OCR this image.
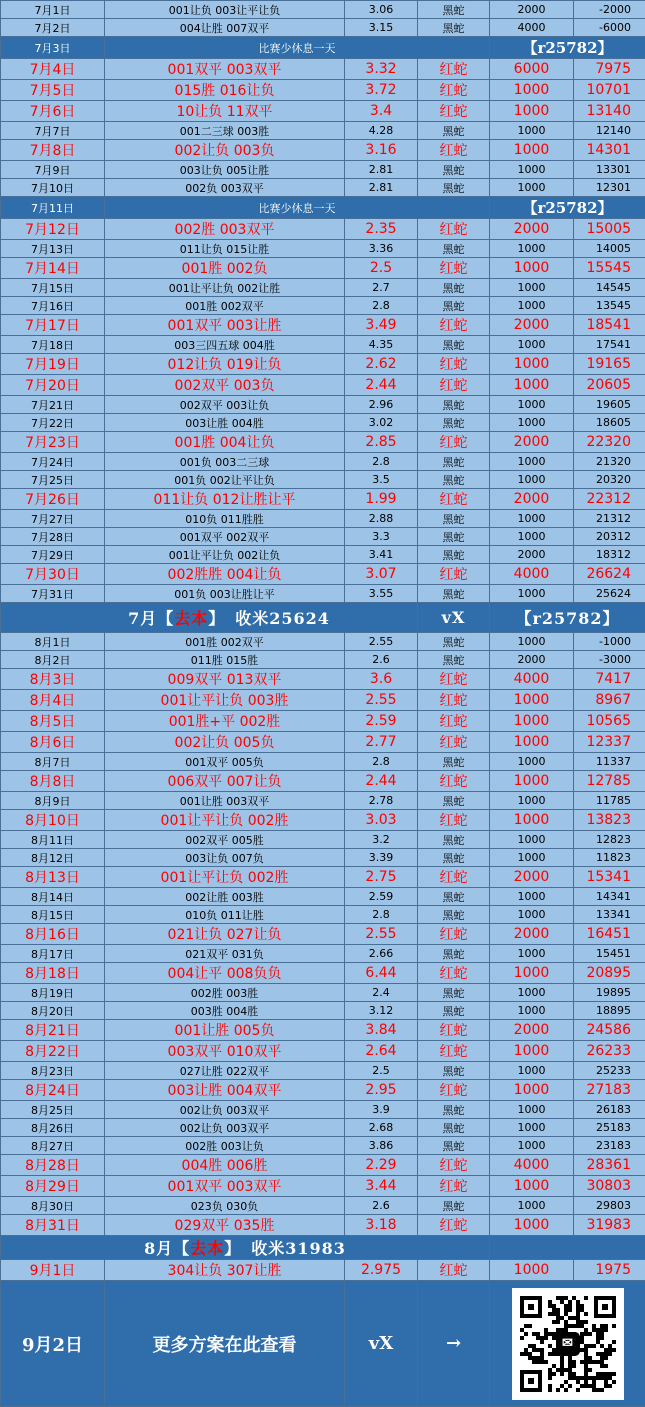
7月1日	001让负 003让平让负	3.06	黑蛇	2000	-2000
7月2日	004让胜 007双平	3.15	黑蛇	4000	-6000
7月3日	比赛少休息一天			【r25782】	
7月4日	001双平 003双平	3.32	红蛇	6000	7975
7月5日	015胜 016让负	3.72	红蛇	1000	10701
7月6日	10让负 11双平	3.4	红蛇	1000	13140
7月7日	001二三球 003胜	4.28	黑蛇	1000	12140
7月8日	002让负 003负	3.16	红蛇	1000	14301
7月9日	003让负 005让胜	2.81	黑蛇	1000	13301
7月10日	002负 003双平	2.81	黑蛇	1000	12301
7月11日	比赛少休息一天			【r25782】	
7月12日	002胜 003双平	2.35	红蛇	2000	15005
7月13日	011让负 015让胜	3.36	黑蛇	1000	14005
7月14日	001胜 002负	2.5	红蛇	1000	15545
7月15日	001让平让负 002让胜	2.7	黑蛇	1000	14545
7月16日	001胜 002双平	2.8	黑蛇	1000	13545
7月17日	001双平 003让胜	3.49	红蛇	2000	18541
7月18日	003三四五球 004胜	4.35	黑蛇	1000	17541
7月19日	012让负 019让负	2.62	红蛇	1000	19165
7月20日	002双平 003负	2.44	红蛇	1000	20605
7月21日	002双平 003让负	2.96	黑蛇	1000	19605
7月22日	003让胜 004胜	3.02	黑蛇	1000	18605
7月23日	001胜 004让负	2.85	红蛇	2000	22320
7月24日	001负 003二三球	2.8	黑蛇	1000	21320
7月25日	001负 002让平让负	3.5	黑蛇	1000	20320
7月26日	011让负 012让胜让平	1.99	红蛇	2000	22312
7月27日	010负 011胜胜	2.88	黑蛇	1000	21312
7月28日	001双平 002双平	3.3	黑蛇	1000	20312
7月29日	001让平让负 002让负	3.41	黑蛇	2000	18312
7月30日	002胜胜 004让负	3.07	红蛇	4000	26624
7月31日	001负 003让胜让平	3.55	黑蛇	1000	25624
7月【去本】 收米25624			vX	【r25782】	
8月1日	001胜 002双平	2.55	黑蛇	1000	-1000
8月2日	011胜 015胜	2.6	黑蛇	2000	-3000
8月3日	009双平 013双平	3.6	红蛇	4000	7417
8月4日	001让平让负 003胜	2.55	红蛇	1000	8967
8月5日	001胜+平 002胜	2.59	红蛇	1000	10565
8月6日	002让负 005负	2.77	红蛇	1000	12337
8月7日	001双平 005负	2.8	黑蛇	1000	11337
8月8日	006双平 007让负	2.44	红蛇	1000	12785
8月9日	001让胜 003双平	2.78	黑蛇	1000	11785
8月10日	001让平让负 002胜	3.03	红蛇	1000	13823
8月11日	002双平 005胜	3.2	黑蛇	1000	12823
8月12日	003让负 007负	3.39	黑蛇	1000	11823
8月13日	001让平让负 002胜	2.75	红蛇	2000	15341
8月14日	002让胜 003胜	2.59	黑蛇	1000	14341
8月15日	010负 011让胜	2.8	黑蛇	1000	13341
8月16日	021让负 027让负	2.55	红蛇	2000	16451
8月17日	021双平 031负	2.66	黑蛇	1000	15451
8月18日	004让平 008负负	6.44	红蛇	1000	20895
8月19日	002胜 003胜	2.4	黑蛇	1000	19895
8月20日	003胜 004胜	3.12	黑蛇	1000	18895
8月21日	001让胜 005负	3.84	红蛇	2000	24586
8月22日	003双平 010双平	2.64	红蛇	1000	26233
8月23日	027让胜 022双平	2.5	黑蛇	1000	25233
8月24日	003让胜 004双平	2.95	红蛇	1000	27183
8月25日	002让负 003双平	3.9	黑蛇	1000	26183
8月26日	002让负 003双平	2.68	黑蛇	1000	25183
8月27日	002胜 003让负	3.86	黑蛇	1000	23183
8月28日	004胜 006胜	2.29	红蛇	4000	28361
8月29日	001双平 003双平	3.44	红蛇	1000	30803
8月30日	023负 030负	2.6	黑蛇	1000	29803
8月31日	029双平 035胜	3.18	红蛇	1000	31983
8月【去本】 收米31983					
9月1日	304让负 307让胜	2.975	红蛇	1000	1975
9月2日	更多方案在此查看	vX	→	✉	
